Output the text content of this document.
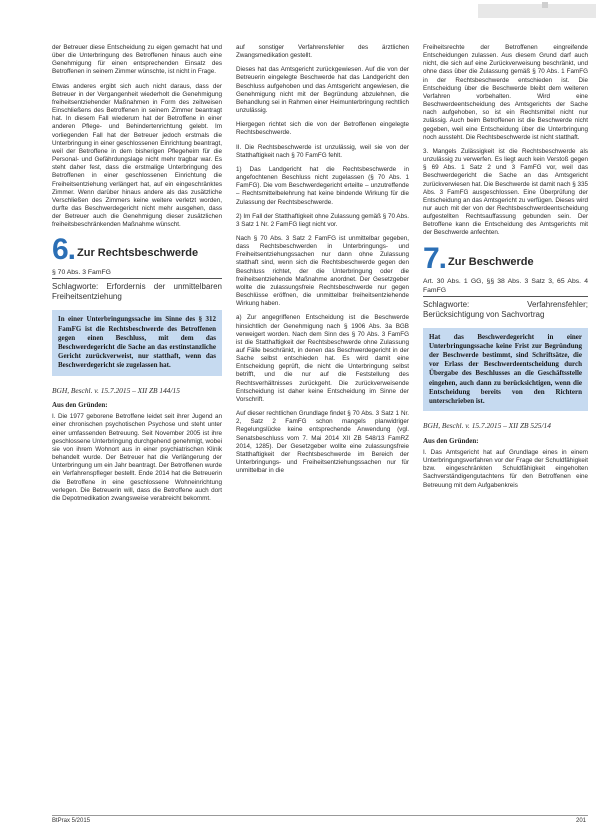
der Betreuer diese Entscheidung zu eigen gemacht hat und über die Unterbringung des Betroffenen hinaus auch eine Genehmigung für einen entsprechenden Einsatz des Betroffenen in seinem Zimmer wünschte, ist nicht in Frage.

Etwas anderes ergibt sich auch nicht daraus, dass der Betreuer in der Vergangenheit wiederholt die Genehmigung freiheitsentziehender Maßnahmen in Form des zeitweisen Einschließens des Betroffenen in seinem Zimmer beantragt hat. In diesem Fall wiederum hat der Betroffene in einer anderen Pflege- und Behindertenrichtung gelebt. Im vorliegenden Fall hat der Betreuer jedoch erstmals die Unterbringung in einer geschlossenen Einrichtung beantragt, weil der Betroffene in dem bisherigen Pflegeheim für die Personal- und Gefährdungslage nicht mehr tragbar war. Es steht daher fest, dass die erstmalige Unterbringung des Betroffenen in einer geschlossenen Einrichtung die Freiheitsentziehung verlängert hat, auf ein eingeschränktes Zimmer. Wenn darüber hinaus andere als das zusätzliche Verschließen des Zimmers keine weitere verletzt worden, durfte das Beschwerdegericht nicht mehr ausgehen, dass der Betreuer auch die Genehmigung dieser zusätzlichen freiheitsbeschränkenden Maßnahme wünscht.

6. Zur Rechtsbeschwerde
§ 70 Abs. 3 FamFG
Schlagworte: Erfordernis der unmittelbaren Freiheitsentziehung
In einer Unterbringungssache im Sinne des § 312 FamFG ist die Rechtsbeschwerde des Betroffenen gegen einen Beschluss, mit dem das Beschwerdegericht die Sache an das erstinstanzliche Gericht zurückverweist, nur statthaft, wenn das Beschwerdegericht sie zugelassen hat.
BGH, Beschl. v. 15.7.2015 – XII ZB 144/15
Aus den Gründen:

I. Die 1977 geborene Betroffene leidet seit ihrer Jugend an einer chronischen psychotischen Psychose und steht unter einer umfassenden Betreuung. Seit November 2005 ist ihre geschlossene Unterbringung durchgehend genehmigt, wobei sie von ihrem Wohnort aus in einer psychiatrischen Klinik behandelt wurde. Der Betreuer hat die Verlängerung der Unterbringung um ein Jahr beantragt. Der Betroffenen wurde ein Verfahrenspfleger bestellt. Ende 2014 hat die Betreuerin die Betroffene in eine geschlossene Wohneinrichtung verlegen. Die Betreuerin will, dass die Betroffene auch dort die Depotmedikation zwangsweise verabreicht bekommt.

auf sonstiger Verfahrensfehler des ärztlichen Zwangsmedikation gestellt.

Dieses hat das Amtsgericht zurückgewiesen. Auf die von der Betreuerin eingelegte Beschwerde hat das Landgericht den Beschluss aufgehoben und das Amtsgericht angewiesen, die Genehmigung nicht mit der Begründung abzulehnen, die Behandlung sei in Rahmen einer Heimunterbringung rechtlich unzulässig.

Hiergegen richtet sich die von der Betroffenen eingelegte Rechtsbeschwerde.

II. Die Rechtsbeschwerde ist unzulässig, weil sie von der Statthaftigkeit nach § 70 FamFG fehlt.

1) Das Landgericht hat die Rechtsbeschwerde in angefochtenen Beschluss nicht zugelassen (§ 70 Abs. 1 FamFG). Die vom Beschwerdegericht erteilte – unzutreffende – Rechtsmittelbelehrung hat keine bindende Wirkung für die Zulassung der Rechtsbeschwerde.

2) Im Fall der Statthaftigkeit ohne Zulassung gemäß § 70 Abs. 3 Satz 1 Nr. 2 FamFG liegt nicht vor.

Nach § 70 Abs. 3 Satz 2 FamFG ist unmittelbar gegeben, dass Rechtsbeschwerden in Unterbringungs- und Freiheitsentziehungssachen nur dann ohne Zulassung statthaft sind, wenn sich die Rechtsbeschwerde gegen den Beschluss richtet, der die Unterbringung oder die freiheitsentziehende Maßnahme anordnet. Der Gesetzgeber wollte die zulassungsfreie Rechtsbeschwerde nur gegen Beschlüsse eröffnen, die unmittelbar freiheitsentziehende Wirkung haben.

a) Zur angegriffenen Entscheidung ist die Beschwerde hinsichtlich der Genehmigung nach § 1906 Abs. 3a BGB verweigert worden. Nach dem Sinn des § 70 Abs. 3 FamFG ist die Statthaftigkeit der Rechtsbeschwerde ohne Zulassung auf Fälle beschränkt, in denen das Beschwerdegericht in der Sache selbst entschieden hat. Es wird damit eine Entscheidung geprüft, die nicht die Unterbringung selbst betrifft, und die nur auf die Feststellung des Rechtsverhältnisses zurückgeht. Die zurückverweisende Entscheidung ist daher keine Entscheidung im Sinne der Vorschrift.

Auf dieser rechtlichen Grundlage findet § 70 Abs. 3 Satz 1 Nr. 2, Satz 2 FamFG schon mangels planwidriger Regelungslücke keine entsprechende Anwendung (vgl. Senatsbeschluss vom 7. Mai 2014 XII ZB 548/13 FamRZ 2014, 1285). Der Gesetzgeber wollte eine zulassungsfreie Statthaftigkeit der Rechtsbeschwerde im Bereich der Unterbringungs- und Freiheitsentziehungssachen nur für unmittelbar in die

Freiheitsrechte der Betroffenen eingreifende Entscheidungen zulassen. Aus diesem Grund darf auch nicht, die sich auf eine Zurückverweisung beschränkt, und ohne dass über die Zulassung gemäß § 70 Abs. 1 FamFG in der Rechtsbeschwerde entschieden ist. Die Entscheidung über die Beschwerde bleibt dem weiteren Verfahren vorbehalten. Wird eine Beschwerdeentscheidung des Amtsgerichts der Sache nach aufgehoben, so ist ein Rechtsmittel nicht nur zulässig. Auch beim Betroffenen ist die Beschwerde nicht gegeben, weil eine Entscheidung über die Unterbringung noch aussteht. Die Rechtsbeschwerde ist nicht statthaft.

3. Mangels Zulässigkeit ist die Rechtsbeschwerde als unzulässig zu verwerfen. Es liegt auch kein Verstoß gegen § 69 Abs. 1 Satz 2 und 3 FamFG vor, weil das Beschwerdegericht die Sache an das Amtsgericht zurückverwiesen hat. Die Beschwerde ist damit nach § 335 Abs. 3 FamFG ausgeschlossen. Eine Überprüfung der Entscheidung an das Amtsgericht zu verfügen. Dieses wird nur auch mit der von der Rechtsbeschwerdeentscheidung aufgestellten Rechtsauffassung gebunden sein. Der Betroffene kann die Entscheidung des Amtsgerichts mit der Beschwerde anfechten.

7. Zur Beschwerde
Art. 30 Abs. 1 GG, §§ 38 Abs. 3 Satz 3, 65 Abs. 4 FamFG
Schlagworte: Verfahrensfehler; Berücksichtigung von Sachvortrag
Hat das Beschwerdegericht in einer Unterbringungssache keine Frist zur Begründung der Beschwerde bestimmt, sind Schriftsätze, die vor Erlass der Beschwerdeentscheidung durch Übergabe des Beschlusses an die Geschäftsstelle eingehen, auch dann zu berücksichtigen, wenn die Entscheidung bereits von den Richtern unterschrieben ist.
BGH, Beschl. v. 15.7.2015 – XII ZB 525/14
Aus den Gründen:

I. Das Amtsgericht hat auf Grundlage eines in einem Unterbringungsverfahren vor der Frage der Schuldfähigkeit bzw. eingeschränkten Schuldfähigkeit eingeholten Sachverständigengutachtens für den Betroffenen eine Betreuung mit dem Aufgabenkreis

BtPrax 5/2015	201
